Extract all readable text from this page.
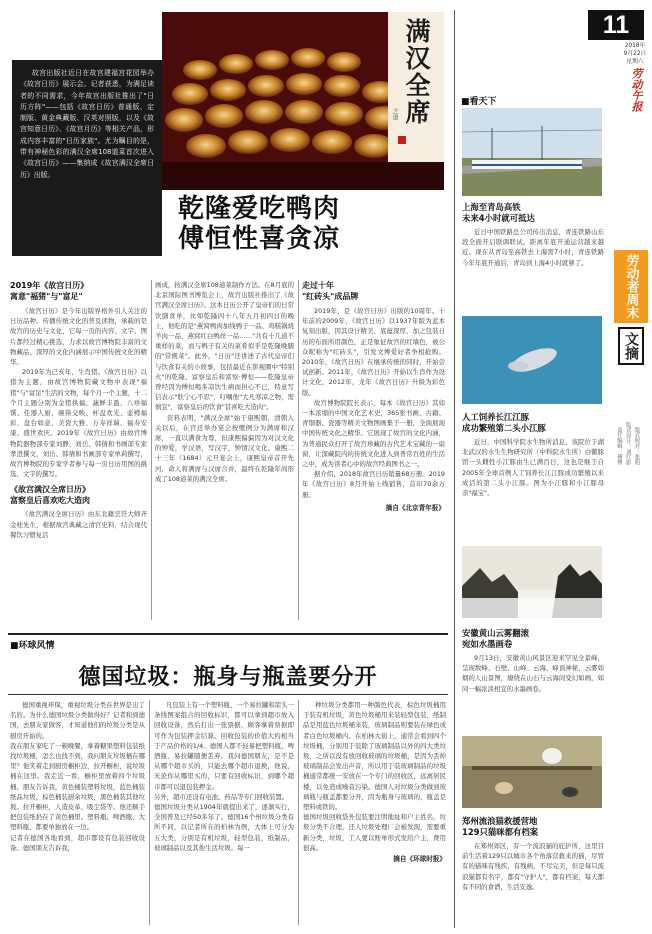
故宫出版社近日在故宫建福宫花园举办《故宫日历》展示会。记者获悉，为满足读者的不同需求，今年故宫出版社推出了"日历方阵"——包括《故宫日历》普通版、定制版、黄金典藏版、汉英对照版，以及《故宫知意日历》、《故宫月历》等相关产品，形成内容丰富的"日历家族"。尤为瞩目的是，带有神秘色彩的满汉全席108道菜首次进入《故宫日历》——集纳成《故宫满汉全席日历》出版。
满汉全席
之道
乾隆爱吃鸭肉
傅恒性喜贪凉
2019年《故宫日历》
寓意"福猪"与"富足"

《故宫日历》是今年出版界格外引人关注的日历品种。传播传统文化的普及读物，承载的是故宫的历史与文化，它每一页的内容、文字、图片都经过精心挑选，力求以故宫博物院丰富的文物藏品、深厚的文化内涵展示中国传统文化的精华。

2019年为己亥年，生肖猪。《故宫日历》以猪为主题，由故宫博物院藏文物中表现"福猪"与"富足"生活的文物，每个月一个主题，十二个月主题分别为金猪拱福、蔬鲜丰盈、八珍福馔、佳器人厨、碗筷交映、杯盘欢光、壶樽福彩、盘台如意、美瓷大雅、万寿祥瑞、福寿安康、盛世欢庆。2019年《故宫日历》由故宫博物院器物部专家刘静、刘岳、韩倩和书画部专家孝澄撰文，刘岳、韩倩和书画部专家单莉撰写，故宫博物院的专家学者参与每一页日历用图的挑选、文字的撰写。

《故宫满汉全席日历》
富察皇后喜欢吃大造肉

《故宫满汉全席日历》由东北籍烹饪大师齐金柱先生，根据故宫典藏之清宫史料，结合现代餐饮习惯复活

画成，按满汉全席108道菜制作方法。在8月底的北京国际图书博览会上，故宫出版社推出了《故宫满汉全席日历》。这本日历公开了皇帝们的日常饮膳食单，比如乾隆四十八年五月初四日的晚上，他吃的是"燕窝鸭肉加线鸭子一品、鸡糕锅烧羊肉一品、燕窝红白鸭丝一品……"共有十几道不重样的菜，而与鸭子有关的菜肴似乎是乾隆晚膳的"常规菜"。此外，"日历"还讲述了古代皇帝们与饮食有关的小故事，包括最近在影视圈中"特别火"的乾隆、富察皇后和富察·傅恒——乾隆皇帝曾经因为傅恒喝多凉饮生病而担心不已，特意写信表示"肤宁心不忍"，叮嘱他"大凡寒凉之物，需慎宜"，富察皇后的饮食"甚喜吃大造肉"。

资料表明，"满汉全席"始于康熙朝，清朝人关以后，在官廷举办宴会按惯例分为满席和汉席，一直以满食为尊，但康熙偏偏因为对汉文化的钟爱，学汉语，写汉字，钟情汉文化。康熙二十三年（1684）元旦宴会上，康熙皇帝首开先河，命人将满席与汉席合并，最终在乾隆年间形成了108道菜的满汉全席。

走过十年
"红砖头"成品牌

2019年，是《故宫日历》出版的10周年。十年前的2009年，《故宫日历》以1937年版为蓝本复刻出版，因其设计精美、底蕴深厚，加之包装日历的布面所用颜色，正是象征故宫的红墙色，被公众昵称为"红砖头"，引发文博爱好者争相抢购。2010年，《故宫日历》在继承传统的同时，开始尝试创新。2011年，《故宫日历》开始以生肖作为设计文化，2012年，龙年《故宫日历》升级为彩色版。

故宫博物院院长表示，每本《故宫日历》其如一本浓缩的中国文化艺术史，365张书画、古籍、青铜器、瓷器等精美文物图画集于一册，全面展现中国传统文化之精华。它展现了故宫的文化内涵，为普通民众打开了故宫珍藏的古代艺术宝藏的一扇窗，让深藏院内的传统文化进入到普常百姓的生活之中，成为读者心中的故宫经典图书之一。

据介绍，2018年故宫日历销量68万册。2019年《故宫日历》8月开始上线销售，首印70余万册。

摘自《北京青年报》
■环球风情
德国垃圾：瓶身与瓶盖要分开

德国重视环保，重视垃圾分类在世界是出了名的。为什么德国垃圾分类做得好？记者和到德国，去朋友家做客，才知道他们的垃圾分类是从厨房开始的。
我在朋友家吃了一顿晚餐，拿着糖果塑料包装纸找垃圾桶，怎么也找不到，我问朋友垃圾桶在哪里？他笑着走到厨房橱柜边，拉开橱柜，说垃圾桶在这里。我走近一看，橱柜里放着四个垃圾桶。朋友告诉我，黄色桶装塑料垃圾，蓝色桶装纸品垃圾，棕色桶装厨余垃圾，黑色桶装其他垃圾。拉开橱柜，人造皮革、吸尘袋等。他还顺手把包装纸扔在了黄色桶里。塑料瓶、啤酒瓶、大塑料瓶，都要单独放在一边。
记者在德国各地看到，超市都设有包装回收设备。德国朋友告诉我，

凡包装上有一个塑料瓶、一个易拉罐和箭头一条线图案组合的回收标识，都可以拿到超市放入回收设备，然后打出一张票据，顾客拿着票据即可作为包装押金结算。回收包装的价值大约相当于产品价格的1/4。德国人都不轻易把塑料瓶、啤酒瓶、易拉罐随便丢弃。我问德国朋友，是不是从哪个超市买的，只能去哪个超市退换，他说，无论你从哪里买的，只要有回收标识，到哪个超市都可以退包装押金。
另外，超市还设有电池、药品等专门回收装置。
德国垃圾分类从1904年就提出来了，逐渐实行，全国普及已经50多年了。德国16个州垃圾分类有所不同，以记者所在的柏林为例，大体上可分为五大类，分别是有机垃圾，轻型包装，纸制品，玻璃制品以及其他生活垃圾。每一

种垃圾分类都用一种颜色代表，棕色垃圾桶用于装有机垃圾，黄色垃圾桶用来装轻型包装，纸制品是用蓝色垃圾桶来装，玻璃制品则要装在绿色或者白色垃圾桶内。在柏林大街上，通常会看到四个垃圾桶，分别用于装除了玻璃制品以外的四大类垃圾，之所以没有放回收玻璃的垃圾桶，是因为丢掉玻璃制品会发出声音，所以用于装玻璃制品的垃圾桶通常都统一安放在一个专门的回收区，远离居民楼，以免造成噪音污染。德国人对垃圾分类做到玻璃瓶与瓶盖都要分开，因为瓶身与玻璃的，瓶盖是塑料或铁的。
德国垃圾回收袋外包装要注明地址和户主姓名，垃圾分类不合理，还人垃圾处理厂会被发现，需要重新分类，垃圾，工人要以账单形式发给户主，费用很高。

摘自《环球时报》
11
2018年
9月22日
星期六
劳动午报
劳动者
周末
文摘
责任编辑：傅雅 版式设计：刘红影 版式校对：张旭
■看天下
上海至青岛高铁
未来4小时就可抵达

近日中国铁路总公司传出消息，青连铁路山东段全面开启联调联试，距离年底开通运营越来越近。现在从青岛至高铁去上海需7小时，青连铁路今年年底开通后，青岛到上海4小时就够了。

人工饲养长江江豚
成功繁殖第二头小江豚

近日，中国科学院水生物所消息，该院位于湖北武汉的水生生物研究所（中科院水生所）白鳖豚馆一头雌性小江豚由生已满百日，这也是继于自2005年全球首例人工饲养长江江豚成功繁殖以来成活的第二头小江豚。图为小江豚和小江豚母亲"福宝"。

安徽黄山云雾翻滚
宛如水墨画卷

9月13日，安徽黄山风景区迎来罕见全景峰，呈现数峰、石壁、山峰、云海、峰顶神秘，云雾如烟的人山景图，缭绕在山石与云海间变幻如画，如同一幅浓淡相宜的水墨画卷。

郑州流浪猫救援营地
129只猫咪都有档案

在郑州郊区，有一个流浪猫的庇护所，这里目前生活着129只以城市各个角落营救来的猫，尽管有的猫咪有残疾，有残病，不尽完美，但是每只流浪猫都有名字，都有"守护人"，都有档案，每天都有不同的食谱，生活安逸。
